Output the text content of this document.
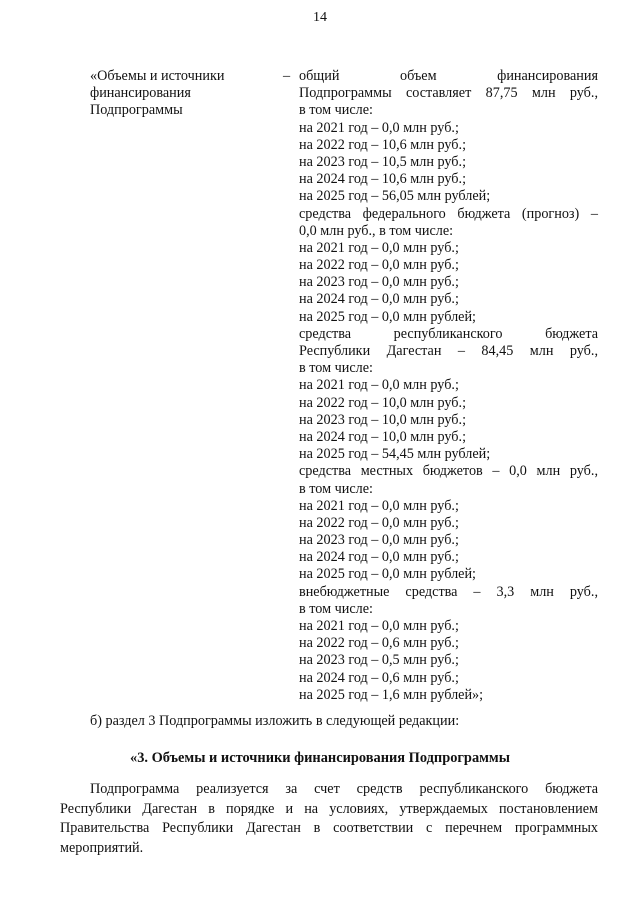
14
«Объемы и источники
финансирования
Подпрограммы
– общий объем финансирования
Подпрограммы составляет 87,75 млн руб.,
в том числе:
на 2021 год – 0,0 млн руб.;
на 2022 год – 10,6 млн руб.;
на 2023 год – 10,5 млн руб.;
на 2024 год – 10,6 млн руб.;
на 2025 год – 56,05 млн рублей;
средства федерального бюджета (прогноз) –
0,0 млн руб., в том числе:
на 2021 год – 0,0 млн руб.;
на 2022 год – 0,0 млн руб.;
на 2023 год – 0,0 млн руб.;
на 2024 год – 0,0 млн руб.;
на 2025 год – 0,0 млн рублей;
средства республиканского бюджета
Республики Дагестан – 84,45 млн руб.,
в том числе:
на 2021 год – 0,0 млн руб.;
на 2022 год – 10,0 млн руб.;
на 2023 год – 10,0 млн руб.;
на 2024 год – 10,0 млн руб.;
на 2025 год – 54,45 млн рублей;
средства местных бюджетов – 0,0 млн руб.,
в том числе:
на 2021 год – 0,0 млн руб.;
на 2022 год – 0,0 млн руб.;
на 2023 год – 0,0 млн руб.;
на 2024 год – 0,0 млн руб.;
на 2025 год – 0,0 млн рублей;
внебюджетные средства – 3,3 млн руб.,
в том числе:
на 2021 год – 0,0 млн руб.;
на 2022 год – 0,6 млн руб.;
на 2023 год – 0,5 млн руб.;
на 2024 год – 0,6 млн руб.;
на 2025 год – 1,6 млн рублей»;
б) раздел 3 Подпрограммы изложить в следующей редакции:
«3. Объемы и источники финансирования Подпрограммы
Подпрограмма реализуется за счет средств республиканского бюджета
Республики Дагестан в порядке и на условиях, утверждаемых постановлением
Правительства Республики Дагестан в соответствии с перечнем программных
мероприятий.
